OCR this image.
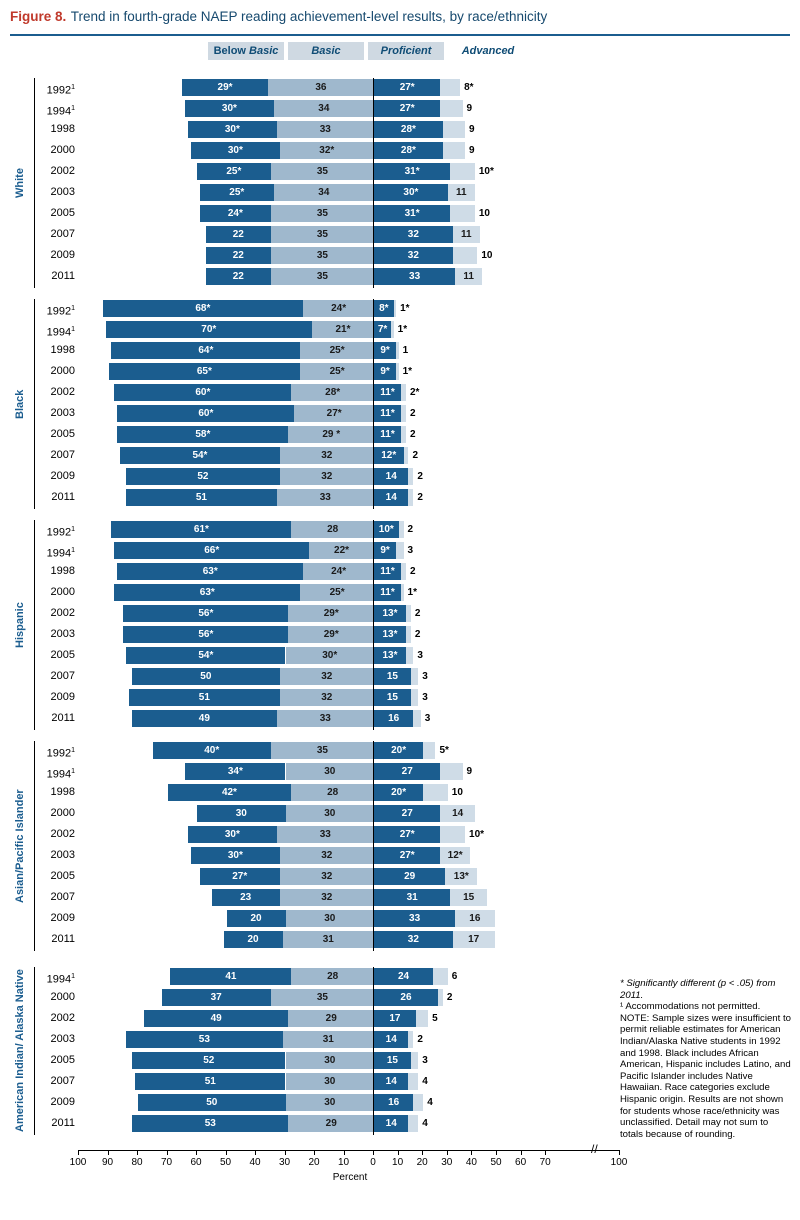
Figure 8. Trend in fourth-grade NAEP reading achievement-level results, by race/ethnicity
Below Basic	Basic	Proficient	Advanced
White
1992$^1$	29*	36	27*	8*
1994$^1$	30*	34	27*	9
1998	30*	33	28*	9
2000	30*	32*	28*	9
2002	25*	35	31*	10*
2003	25*	34	30*	11
2005	24*	35	31*	10
2007	22	35	32	11
2009	22	35	32	10
2011	22	35	33	11
Black
1992$^1$	68*	24*	8*	1*
1994$^1$	70*	21*	7*	1*
1998	64*	25*	9*	1
2000	65*	25*	9*	1*
2002	60*	28*	11*	2*
2003	60*	27*	11*	2
2005	58*	29 *	11*	2
2007	54*	32	12*	2
2009	52	32	14	2
2011	51	33	14	2
Hispanic
1992$^1$	61*	28	10*	2
1994$^1$	66*	22*	9*	3
1998	63*	24*	11*	2
2000	63*	25*	11*	1*
2002	56*	29*	13*	2
2003	56*	29*	13*	2
2005	54*	30*	13*	3
2007	50	32	15	3
2009	51	32	15	3
2011	49	33	16	3
Asian/Pacific Islander
1992$^1$	40*	35	20*	5*
1994$^1$	34*	30	27	9
1998	42*	28	20*	10
2000	30	30	27	14
2002	30*	33	27*	10*
2003	30*	32	27*	12*
2005	27*	32	29	13*
2007	23	32	31	15
2009	20	30	33	16
2011	20	31	32	17
American Indian/ Alaska Native	1994$^1$	41	28	24	6
2000	37	35	26	2
2002	49	29	17	5
2003	53	31	14	2
2005	52	30	15	3
2007	51	30	14	4
2009	50	30	16	4
2011	53	29	14	4
100	90	80	70	60	50	40	30	20	10	0	10	20	30	40	50	60	70	100
//
Percent
* Significantly different (p < .05) from 2011.
¹ Accommodations not permitted.
NOTE: Sample sizes were insufficient to permit reliable estimates for American Indian/Alaska Native students in 1992 and 1998. Black includes African American, Hispanic includes Latino, and Pacific Islander includes Native Hawaiian. Race categories exclude Hispanic origin. Results are not shown for students whose race/ethnicity was unclassified. Detail may not sum to totals because of rounding.
